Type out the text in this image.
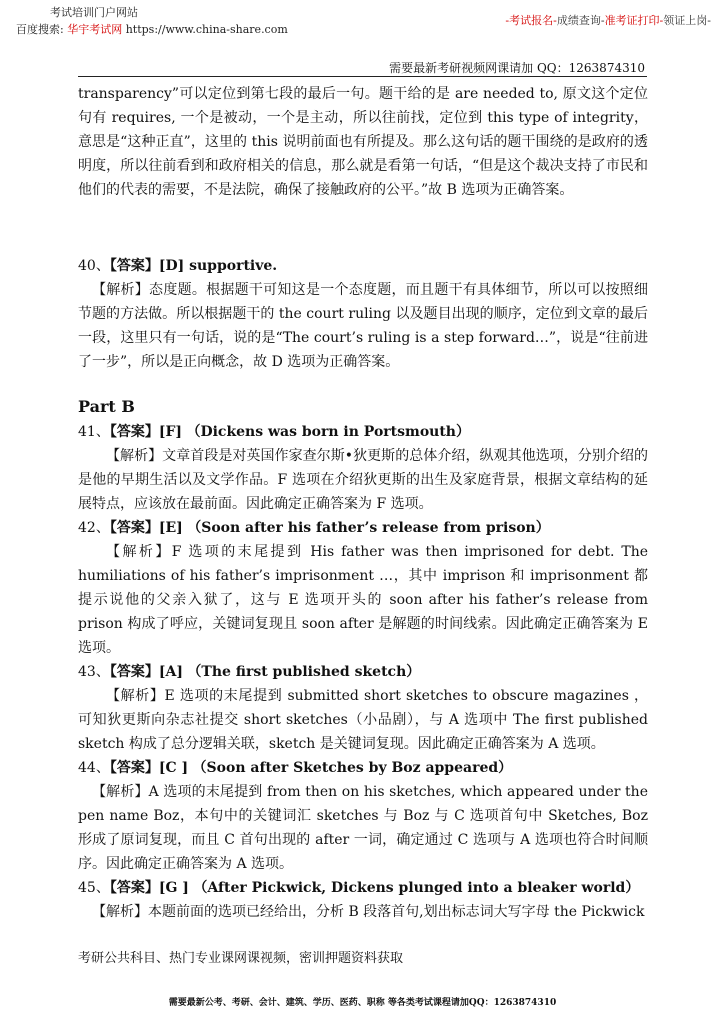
考试培训门户网站
百度搜索: 华宇考试网 https://www.china-share.com
-考试报名-成绩查询-准考证打印-领证上岗-
需要最新考研视频网课请加 QQ：1263874310

transparency”可以定位到第七段的最后一句。题干给的是 are needed to, 原文这个定位句有 requires, 一个是被动，一个是主动，所以往前找，定位到 this type of integrity，意思是“这种正直”，这里的 this 说明前面也有所提及。那么这句话的题干围绕的是政府的透明度，所以往前看到和政府相关的信息，那么就是看第一句话，“但是这个裁决支持了市民和他们的代表的需要，不是法院，确保了接触政府的公平。”故 B 选项为正确答案。

40、【答案】[D] supportive.

【解析】态度题。根据题干可知这是一个态度题，而且题干有具体细节，所以可以按照细节题的方法做。所以根据题干的 the court ruling 以及题目出现的顺序，定位到文章的最后一段，这里只有一句话，说的是“The court’s ruling is a step forward…”，说是“往前进了一步”，所以是正向概念，故 D 选项为正确答案。

Part B

41、【答案】[F] （Dickens was born in Portsmouth）

【解析】文章首段是对英国作家查尔斯•狄更斯的总体介绍，纵观其他选项，分别介绍的是他的早期生活以及文学作品。F 选项在介绍狄更斯的出生及家庭背景，根据文章结构的延展特点，应该放在最前面。因此确定正确答案为 F 选项。

42、【答案】[E] （Soon after his father’s release from prison）

【解析】F 选项的末尾提到 His father was then imprisoned for debt. The humiliations of his father’s imprisonment …，其中 imprison 和 imprisonment 都提示说他的父亲入狱了，这与 E 选项开头的 soon after his father’s release from prison 构成了呼应，关键词复现且 soon after 是解题的时间线索。因此确定正确答案为 E 选项。

43、【答案】[A] （The first published sketch）

【解析】E 选项的末尾提到 submitted short sketches to obscure magazines ，可知狄更斯向杂志社提交 short sketches（小品剧），与 A 选项中 The first published sketch 构成了总分逻辑关联，sketch 是关键词复现。因此确定正确答案为 A 选项。

44、【答案】[C ] （Soon after Sketches by Boz appeared）

【解析】A 选项的末尾提到 from then on his sketches, which appeared under the pen name Boz，本句中的关键词汇 sketches 与 Boz 与 C 选项首句中 Sketches, Boz 形成了原词复现，而且 C 首句出现的 after 一词，确定通过 C 选项与 A 选项也符合时间顺序。因此确定正确答案为 A 选项。

45、【答案】[G ] （After Pickwick, Dickens plunged into a bleaker world）

【解析】本题前面的选项已经给出，分析 B 段落首句,划出标志词大写字母 the Pickwick

考研公共科目、热门专业课网课视频，密训押题资料获取
需要最新公考、考研、会计、建筑、学历、医药、职称 等各类考试课程请加QQ：1263874310
